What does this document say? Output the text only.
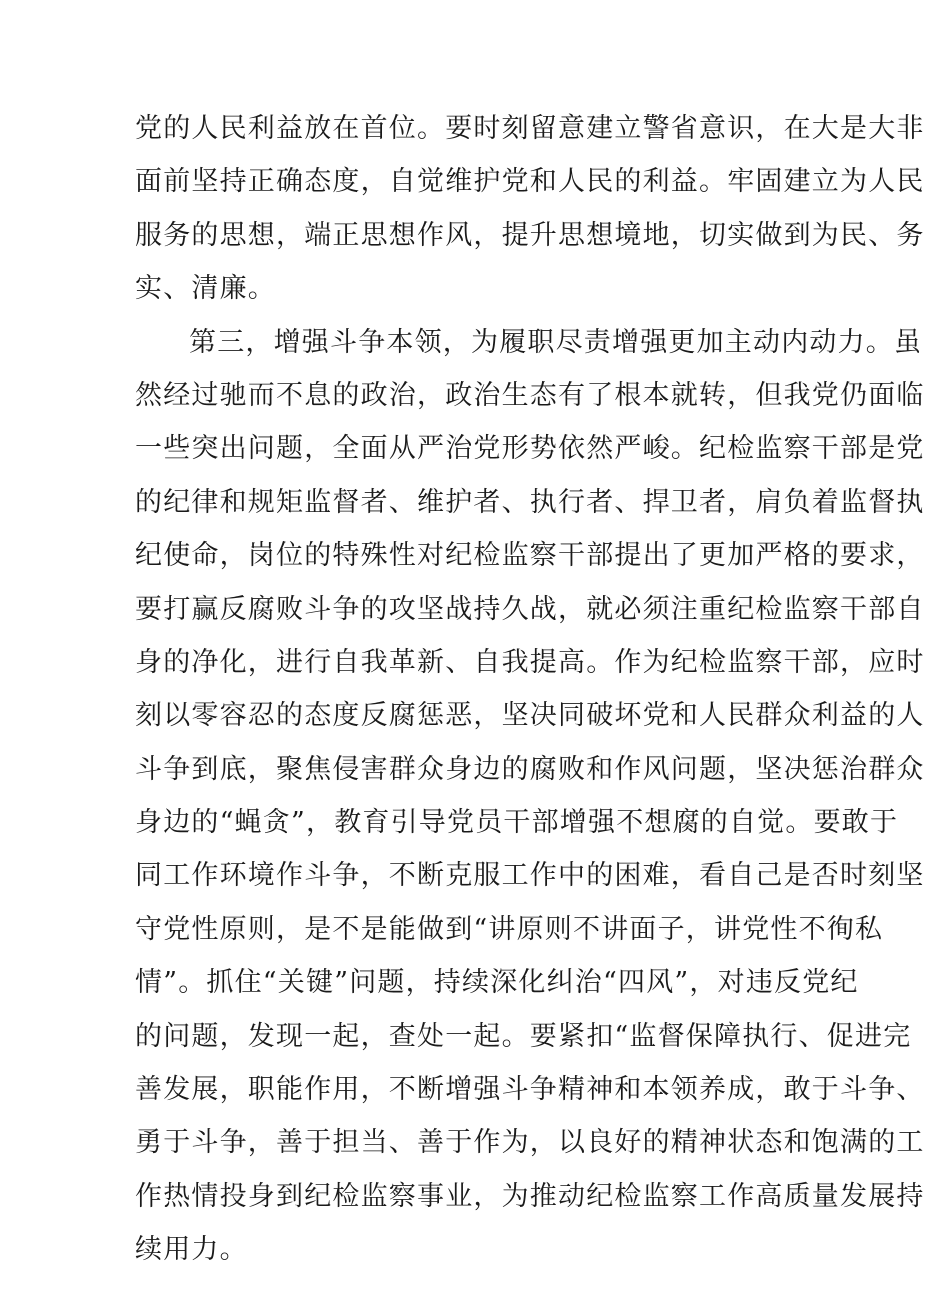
党的人民利益放在首位。要时刻留意建立警省意识，在大是大非
面前坚持正确态度，自觉维护党和人民的利益。牢固建立为人民
服务的思想，端正思想作风，提升思想境地，切实做到为民、务
实、清廉。
第三，增强斗争本领，为履职尽责增强更加主动内动力。虽
然经过驰而不息的政治，政治生态有了根本就转，但我党仍面临
一些突出问题，全面从严治党形势依然严峻。纪检监察干部是党
的纪律和规矩监督者、维护者、执行者、捍卫者，肩负着监督执
纪使命，岗位的特殊性对纪检监察干部提出了更加严格的要求，
要打赢反腐败斗争的攻坚战持久战，就必须注重纪检监察干部自
身的净化，进行自我革新、自我提高。作为纪检监察干部，应时
刻以零容忍的态度反腐惩恶，坚决同破坏党和人民群众利益的人
斗争到底，聚焦侵害群众身边的腐败和作风问题，坚决惩治群众
身边的“蝇贪”，教育引导党员干部增强不想腐的自觉。要敢于
同工作环境作斗争，不断克服工作中的困难，看自己是否时刻坚
守党性原则，是不是能做到“讲原则不讲面子，讲党性不徇私
情”。抓住“关键”问题，持续深化纠治“四风”，对违反党纪
的问题，发现一起，查处一起。要紧扣“监督保障执行、促进完
善发展，职能作用，不断增强斗争精神和本领养成，敢于斗争、
勇于斗争，善于担当、善于作为，以良好的精神状态和饱满的工
作热情投身到纪检监察事业，为推动纪检监察工作高质量发展持
续用力。
